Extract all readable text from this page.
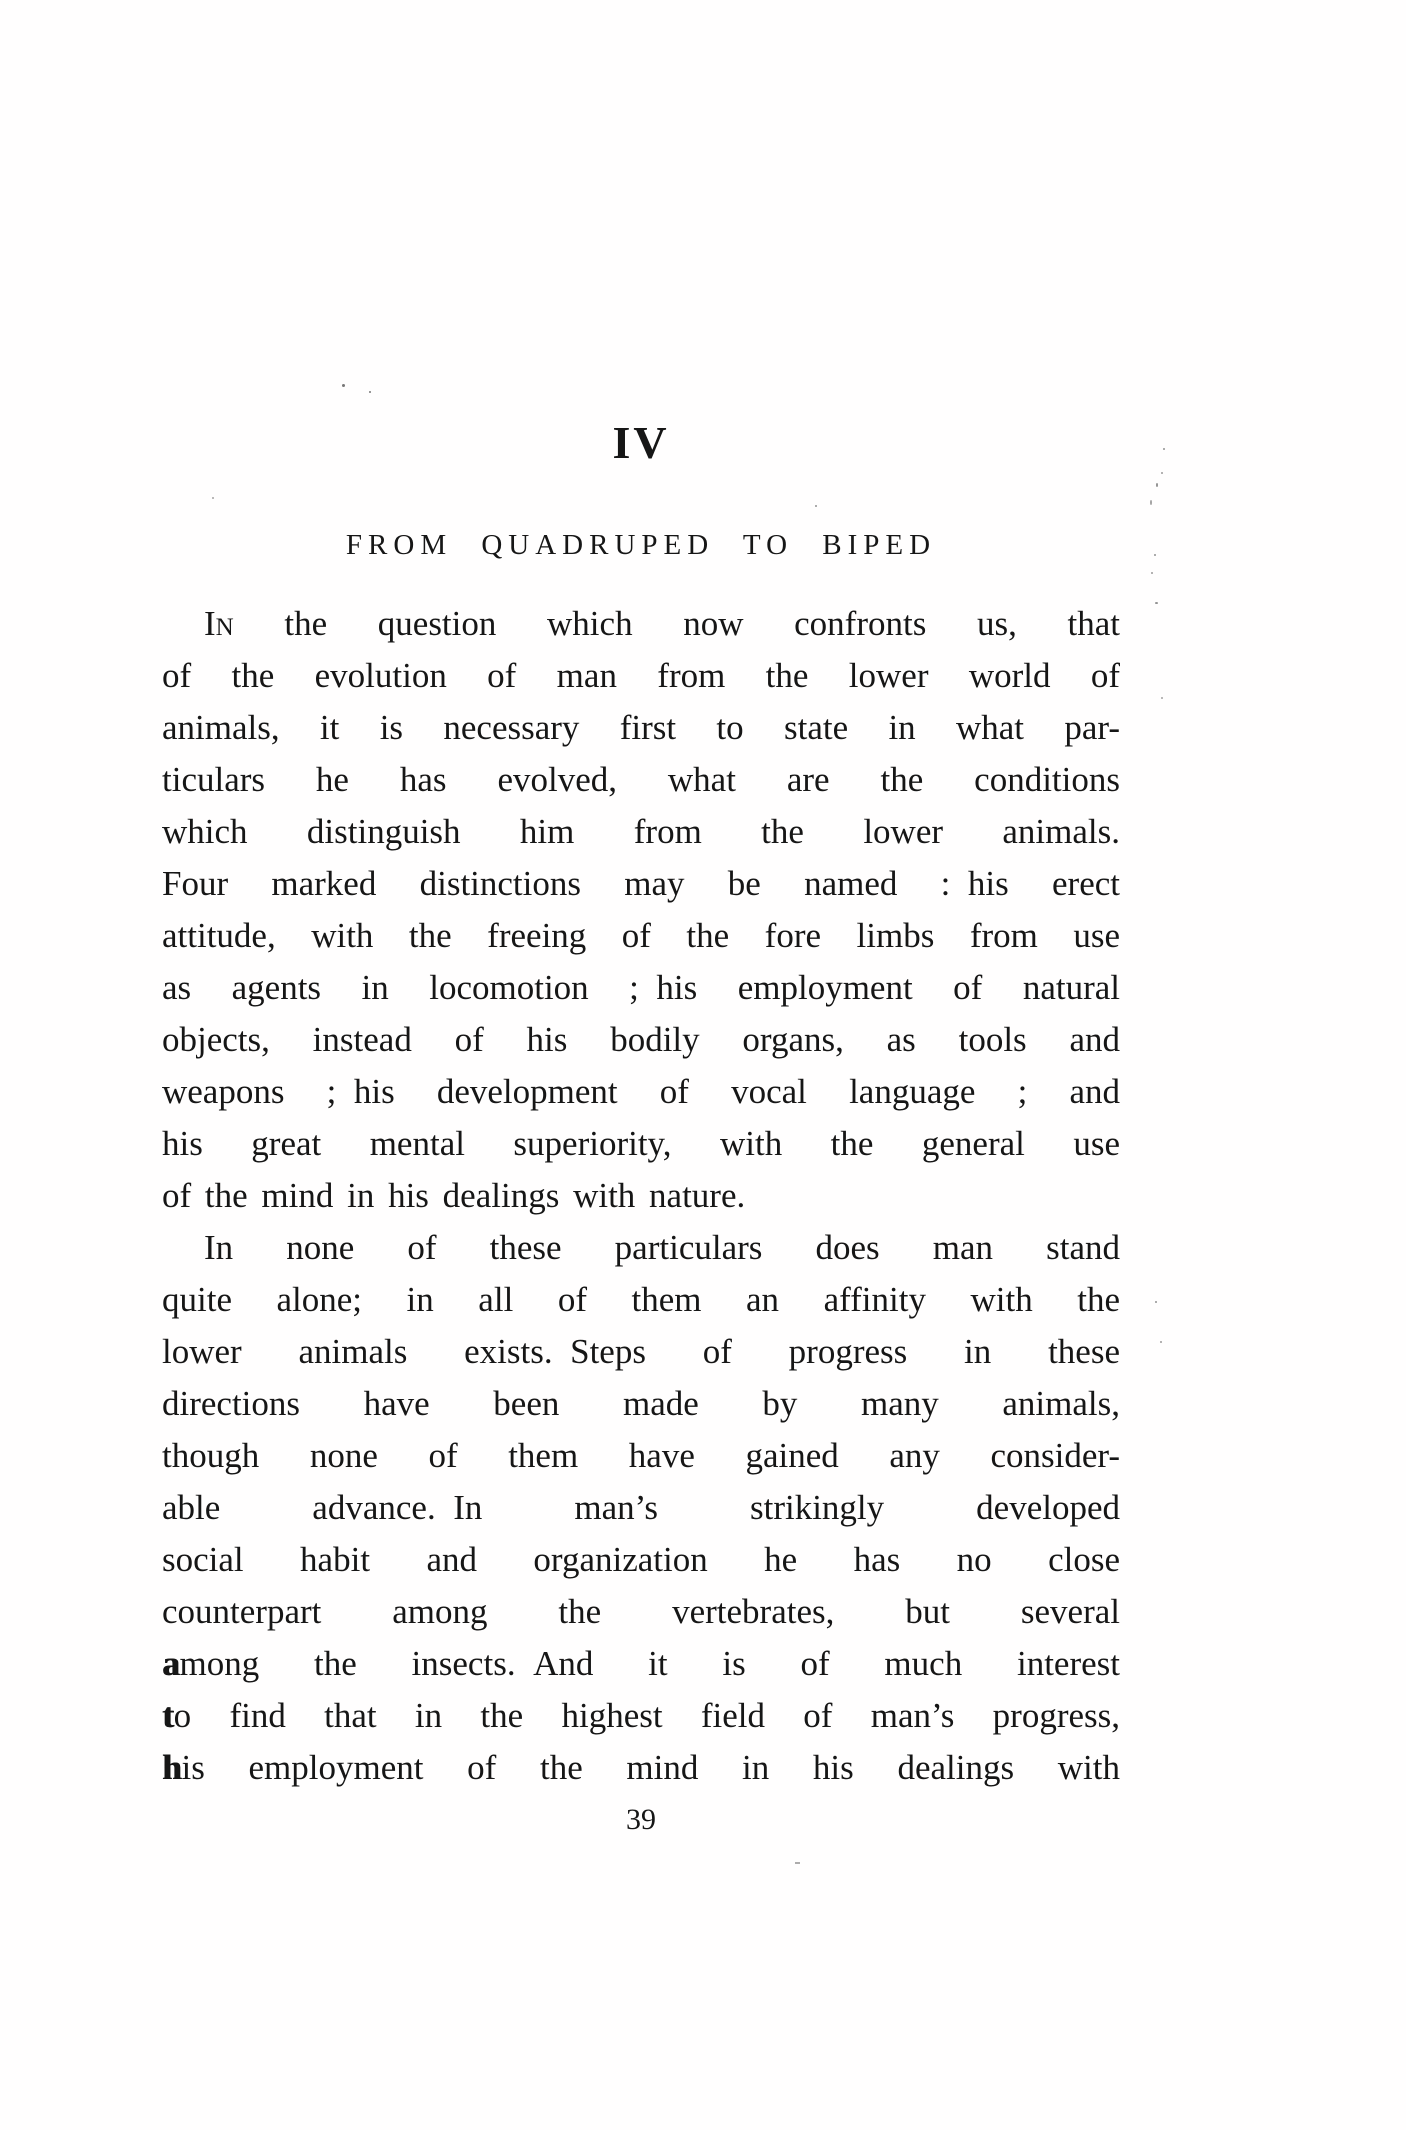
IV
FROM QUADRUPED TO BIPED
In the question which now confronts us, that
of the evolution of man from the lower world of
animals, it is necessary first to state in what par-
ticulars he has evolved, what are the conditions
which distinguish him from the lower animals.
Four marked distinctions may be named : his erect
attitude, with the freeing of the fore limbs from use
as agents in locomotion ; his employment of natural
objects, instead of his bodily organs, as tools and
weapons ; his development of vocal language ; and
his great mental superiority, with the general use
of the mind in his dealings with nature.
In none of these particulars does man stand
quite alone; in all of them an affinity with the
lower animals exists. Steps of progress in these
directions have been made by many animals,
though none of them have gained any consider-
able advance. In man’s strikingly developed
social habit and organization he has no close
counterpart among the vertebrates, but several
among the insects. And it is of much interest
to find that in the highest field of man’s progress,
his employment of the mind in his dealings with
39
